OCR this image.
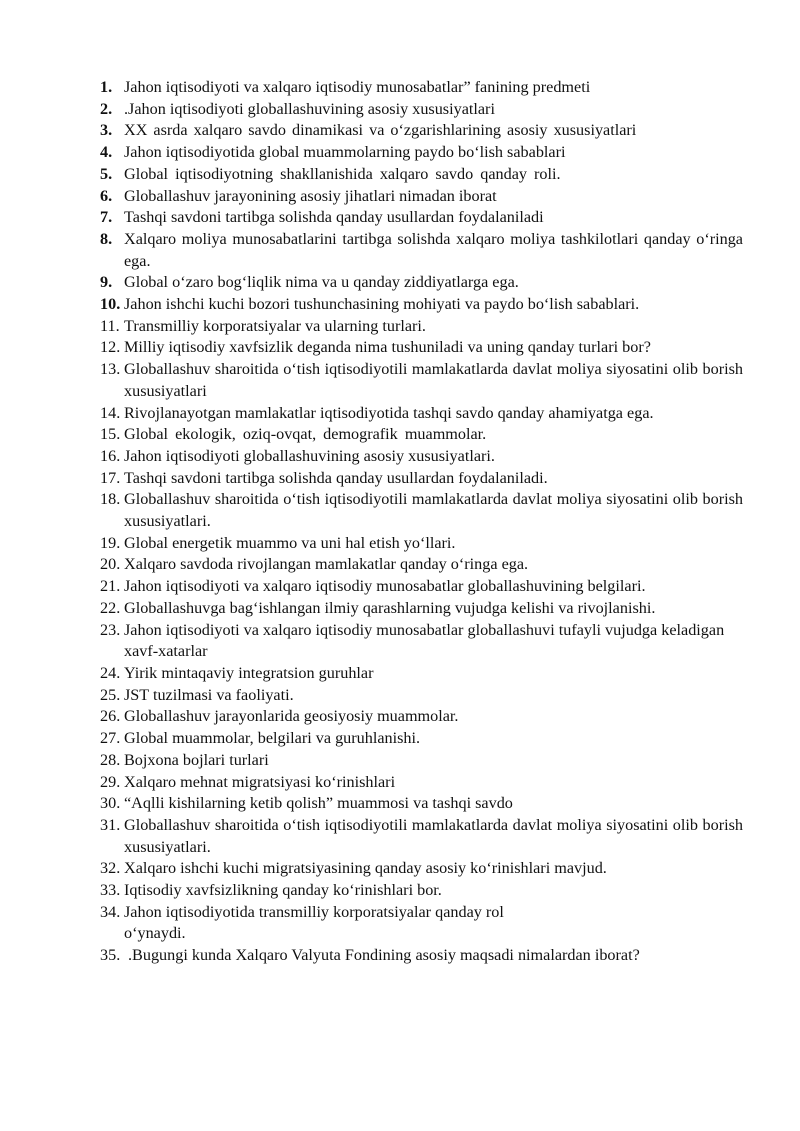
1. Jahon iqtisodiyoti va xalqaro iqtisodiy munosabatlar” fanining predmeti
2. .Jahon iqtisodiyoti globallashuvining asosiy xususiyatlari
3. XX asrda xalqaro savdo dinamikasi va o‘zgarishlarining asosiy xususiyatlari
4. Jahon iqtisodiyotida global muammolarning paydo bo‘lish sabablari
5. Global iqtisodiyotning shakllanishida xalqaro savdo qanday roli.
6. Globallashuv jarayonining asosiy jihatlari nimadan iborat
7. Tashqi savdoni tartibga solishda qanday usullardan foydalaniladi
8. Xalqaro moliya munosabatlarini tartibga solishda xalqaro moliya tashkilotlari qanday o‘ringa ega.
9. Global o‘zaro bog‘liqlik nima va u qanday ziddiyatlarga ega.
10. Jahon ishchi kuchi bozori tushunchasining mohiyati va paydo bo‘lish sabablari.
11. Transmilliy korporatsiyalar va ularning turlari.
12. Milliy iqtisodiy xavfsizlik deganda nima tushuniladi va uning qanday turlari bor?
13. Globallashuv sharoitida o‘tish iqtisodiyotili mamlakatlarda davlat moliya siyosatini olib borish xususiyatlari
14. Rivojlanayotgan mamlakatlar iqtisodiyotida tashqi savdo qanday ahamiyatga ega.
15. Global ekologik, oziq-ovqat, demografik muammolar.
16. Jahon iqtisodiyoti globallashuvining asosiy xususiyatlari.
17. Tashqi savdoni tartibga solishda qanday usullardan foydalaniladi.
18. Globallashuv sharoitida o‘tish iqtisodiyotili mamlakatlarda davlat moliya siyosatini olib borish xususiyatlari.
19. Global energetik muammo va uni hal etish yo‘llari.
20. Xalqaro savdoda rivojlangan mamlakatlar qanday o‘ringa ega.
21. Jahon iqtisodiyoti va xalqaro iqtisodiy munosabatlar globallashuvining belgilari.
22. Globallashuvga bag‘ishlangan ilmiy qarashlarning vujudga kelishi va rivojlanishi.
23. Jahon iqtisodiyoti va xalqaro iqtisodiy munosabatlar globallashuvi tufayli vujudga keladigan xavf-xatarlar
24. Yirik mintaqaviy integratsion guruhlar
25. JST tuzilmasi va faoliyati.
26. Globallashuv jarayonlarida geosiyosiy muammolar.
27. Global muammolar, belgilari va guruhlanishi.
28. Bojxona bojlari turlari
29. Xalqaro mehnat migratsiyasi ko‘rinishlari
30. “Aqlli kishilarning ketib qolish” muammosi va tashqi savdo
31. Globallashuv sharoitida o‘tish iqtisodiyotili mamlakatlarda davlat moliya siyosatini olib borish xususiyatlari.
32. Xalqaro ishchi kuchi migratsiyasining qanday asosiy ko‘rinishlari mavjud.
33. Iqtisodiy xavfsizlikning qanday ko‘rinishlari bor.
34. Jahon iqtisodiyotida transmilliy korporatsiyalar qanday rol o‘ynaydi.
35. .Bugungi kunda Xalqaro Valyuta Fondining asosiy maqsadi nimalardan iborat?
